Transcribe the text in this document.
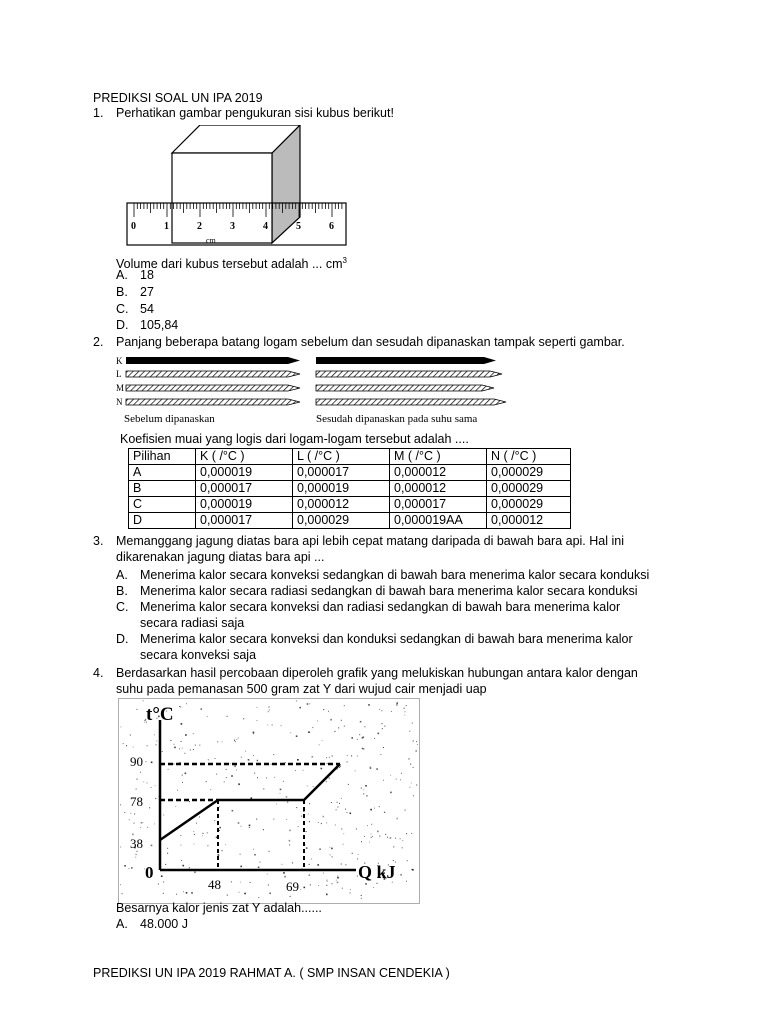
PREDIKSI SOAL UN IPA 2019
1. Perhatikan gambar pengukuran sisi kubus berikut!
0	1	2	3	4	5	6
cm
Volume dari kubus tersebut adalah ... $cm^3$
A. 18
B. 27
C. 54
D. 105,84
2. Panjang beberapa batang logam sebelum dan sesudah dipanaskan tampak seperti gambar.
K
L
M
N
Sebelum dipanaskan	Sesudah dipanaskan pada suhu sama
Koefisien muai yang logis dari logam-logam tersebut adalah ....
Pilihan	K ( /°C )	L ( /°C )	M ( /°C )	N ( /°C )
A	0,000019	0,000017	0,000012	0,000029
B	0,000017	0,000019	0,000012	0,000029
C	0,000019	0,000012	0,000017	0,000029
D	0,000017	0,000029	0,000019AA	0,000012
3. Memanggang jagung diatas bara api lebih cepat matang daripada di bawah bara api. Hal ini
dikarenakan jagung diatas bara api ...
A. Menerima kalor secara konveksi sedangkan di bawah bara menerima kalor secara konduksi
B. Menerima kalor secara radiasi sedangkan di bawah bara menerima kalor secara konduksi
C. Menerima kalor secara konveksi dan radiasi sedangkan di bawah bara menerima kalor
secara radiasi saja
D. Menerima kalor secara konveksi dan konduksi sedangkan di bawah bara menerima kalor
secara konveksi saja
4. Berdasarkan hasil percobaan diperoleh grafik yang melukiskan hubungan antara kalor dengan
suhu pada pemanasan 500 gram zat Y dari wujud cair menjadi uap
t°C
Q kJ
0
90
78
38
48	69
Besarnya kalor jenis zat Y adalah......
A. 48.000 J
PREDIKSI UN IPA 2019 RAHMAT A. ( SMP INSAN CENDEKIA )
